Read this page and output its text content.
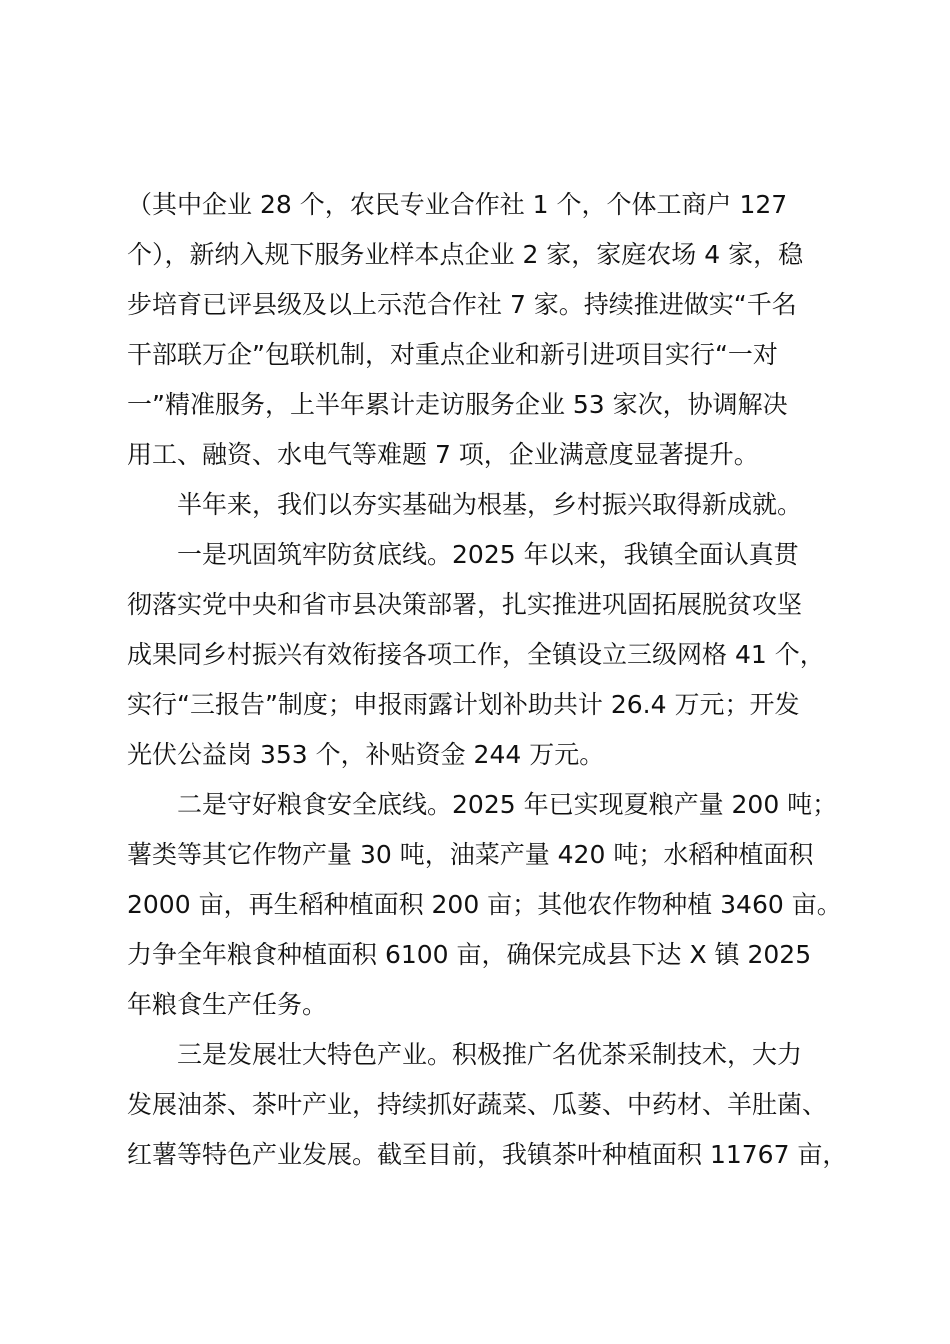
（其中企业 28 个，农民专业合作社 1 个，个体工商户 127
个），新纳入规下服务业样本点企业 2 家，家庭农场 4 家，稳
步培育已评县级及以上示范合作社 7 家。持续推进做实“千名
干部联万企”包联机制，对重点企业和新引进项目实行“一对
一”精准服务，上半年累计走访服务企业 53 家次，协调解决
用工、融资、水电气等难题 7 项，企业满意度显著提升。
半年来，我们以夯实基础为根基，乡村振兴取得新成就。
一是巩固筑牢防贫底线。2025 年以来，我镇全面认真贯
彻落实党中央和省市县决策部署，扎实推进巩固拓展脱贫攻坚
成果同乡村振兴有效衔接各项工作，全镇设立三级网格 41 个，
实行“三报告”制度；申报雨露计划补助共计 26.4 万元；开发
光伏公益岗 353 个，补贴资金 244 万元。
二是守好粮食安全底线。2025 年已实现夏粮产量 200 吨；
薯类等其它作物产量 30 吨，油菜产量 420 吨；水稻种植面积
2000 亩，再生稻种植面积 200 亩；其他农作物种植 3460 亩。
力争全年粮食种植面积 6100 亩，确保完成县下达 X 镇 2025
年粮食生产任务。
三是发展壮大特色产业。积极推广名优茶采制技术，大力
发展油茶、茶叶产业，持续抓好蔬菜、瓜蒌、中药材、羊肚菌、
红薯等特色产业发展。截至目前，我镇茶叶种植面积 11767 亩，
